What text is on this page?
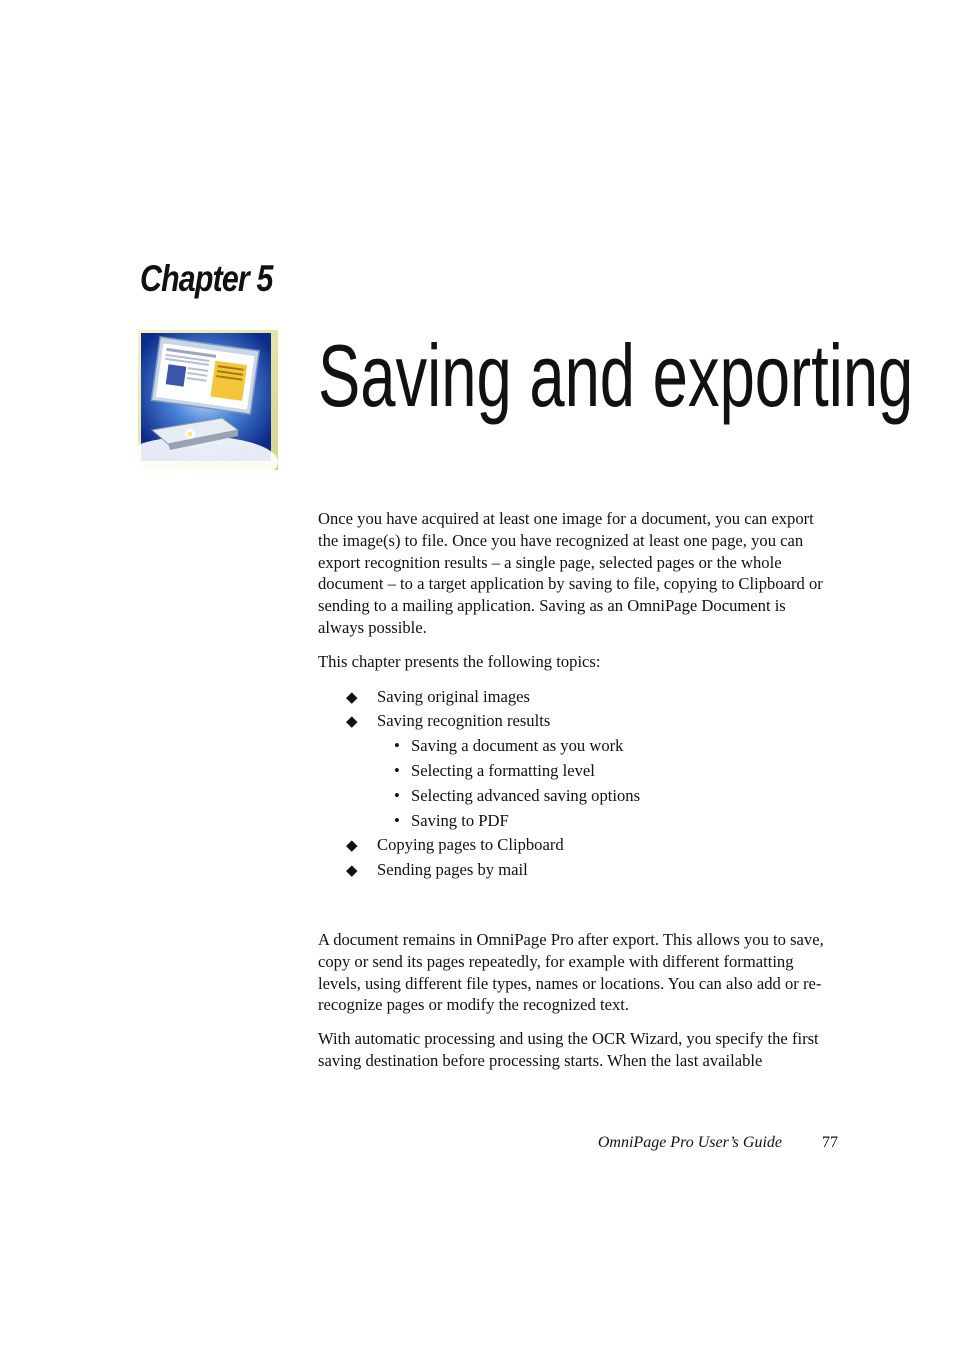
Chapter 5
Saving and exporting

Once you have acquired at least one image for a document, you can export the image(s) to file. Once you have recognized at least one page, you can export recognition results – a single page, selected pages or the whole document – to a target application by saving to file, copying to Clipboard or sending to a mailing application. Saving as an OmniPage Document is always possible.

This chapter presents the following topics:

◆ Saving original images
◆ Saving recognition results
• Saving a document as you work
• Selecting a formatting level
• Selecting advanced saving options
• Saving to PDF
◆ Copying pages to Clipboard
◆ Sending pages by mail

A document remains in OmniPage Pro after export. This allows you to save, copy or send its pages repeatedly, for example with different formatting levels, using different file types, names or locations. You can also add or re-recognize pages or modify the recognized text.

With automatic processing and using the OCR Wizard, you specify the first saving destination before processing starts. When the last available

OmniPage Pro User’s Guide	77
